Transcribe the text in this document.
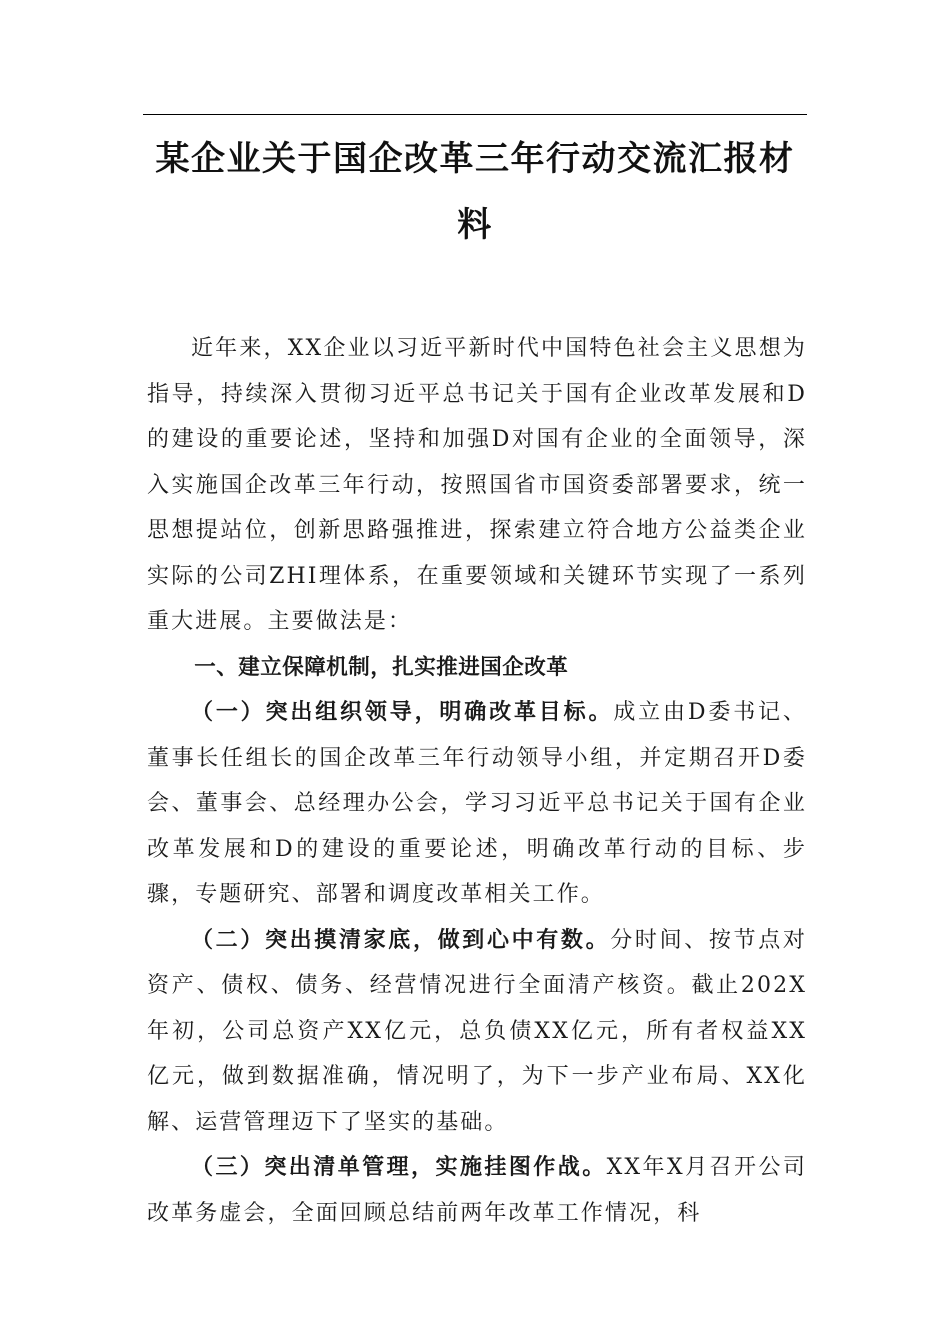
某企业关于国企改革三年行动交流汇报材料

近年来，XX企业以习近平新时代中国特色社会主义思想为指导，持续深入贯彻习近平总书记关于国有企业改革发展和D的建设的重要论述，坚持和加强D对国有企业的全面领导，深入实施国企改革三年行动，按照国省市国资委部署要求，统一思想提站位，创新思路强推进，探索建立符合地方公益类企业实际的公司ZHI理体系，在重要领域和关键环节实现了一系列重大进展。主要做法是：

一、建立保障机制，扎实推进国企改革

（一）突出组织领导，明确改革目标。成立由D委书记、董事长任组长的国企改革三年行动领导小组，并定期召开D委会、董事会、总经理办公会，学习习近平总书记关于国有企业改革发展和D的建设的重要论述，明确改革行动的目标、步骤，专题研究、部署和调度改革相关工作。

（二）突出摸清家底，做到心中有数。分时间、按节点对资产、债权、债务、经营情况进行全面清产核资。截止202X年初，公司总资产XX亿元，总负债XX亿元，所有者权益XX亿元，做到数据准确，情况明了，为下一步产业布局、XX化解、运营管理迈下了坚实的基础。

（三）突出清单管理，实施挂图作战。XX年X月召开公司改革务虚会，全面回顾总结前两年改革工作情况，科
